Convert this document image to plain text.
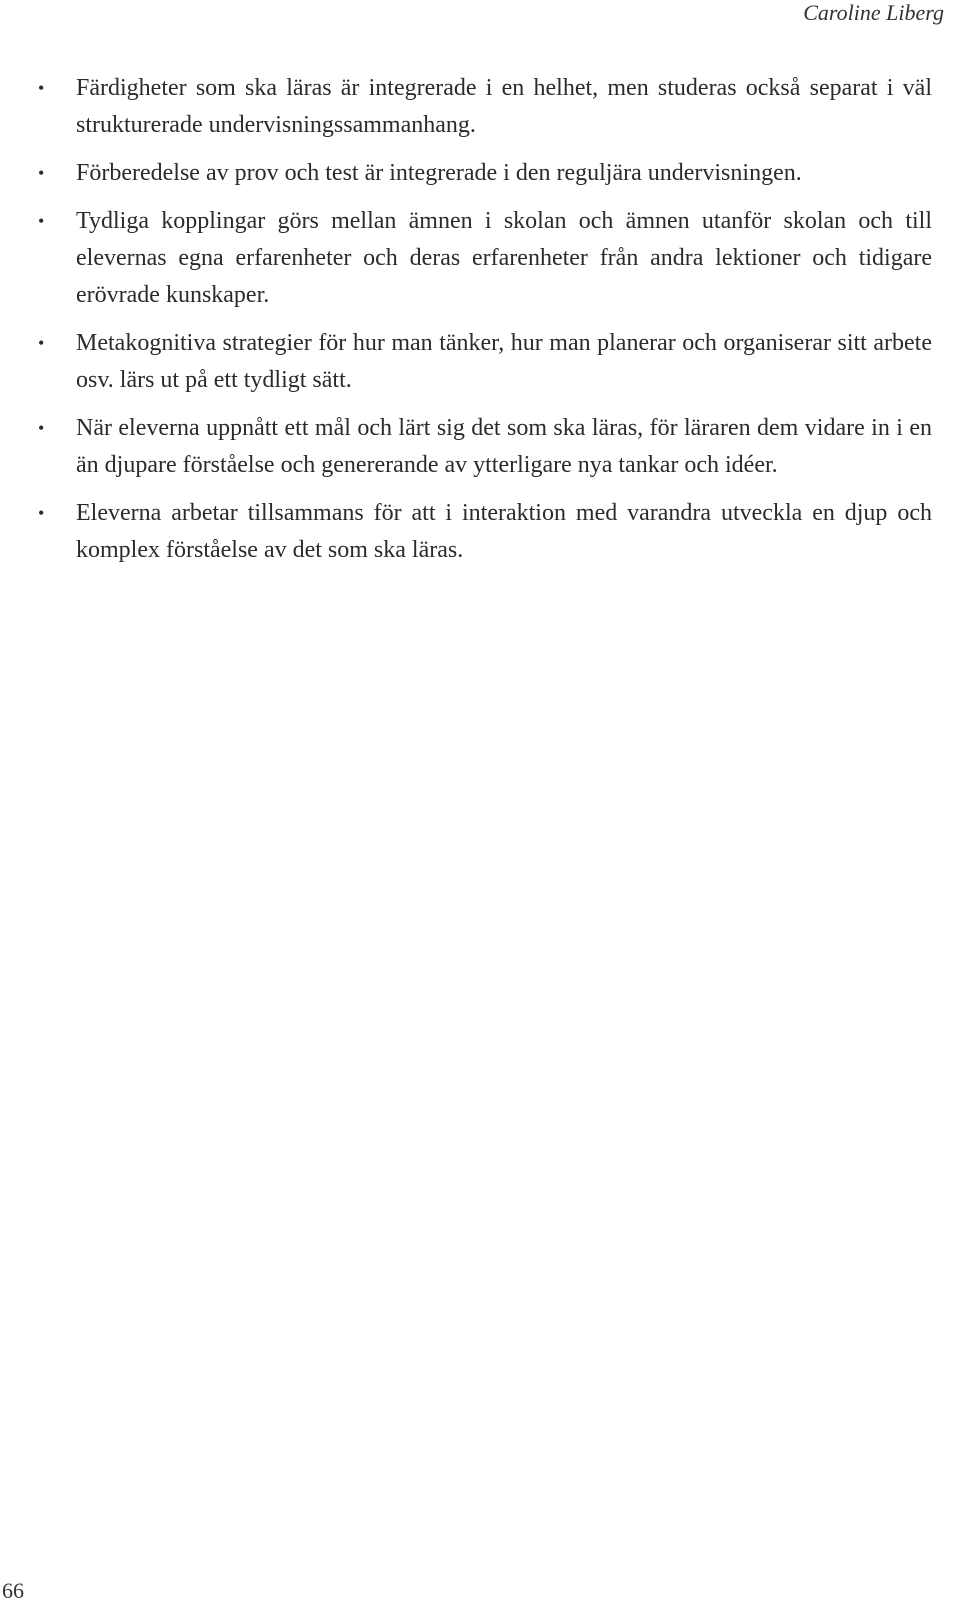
Caroline Liberg
• Färdigheter som ska läras är integrerade i en helhet, men studeras också separat i väl strukturerade undervisningssammanhang.
• Förberedelse av prov och test är integrerade i den reguljära undervisningen.
• Tydliga kopplingar görs mellan ämnen i skolan och ämnen utanför skolan och till elevernas egna erfarenheter och deras erfarenheter från andra lektioner och tidigare erövrade kunskaper.
• Metakognitiva strategier för hur man tänker, hur man planerar och organiserar sitt arbete osv. lärs ut på ett tydligt sätt.
• När eleverna uppnått ett mål och lärt sig det som ska läras, för läraren dem vidare in i en än djupare förståelse och genererande av ytterligare nya tankar och idéer.
• Eleverna arbetar tillsammans för att i interaktion med varandra utveckla en djup och komplex förståelse av det som ska läras.
66
